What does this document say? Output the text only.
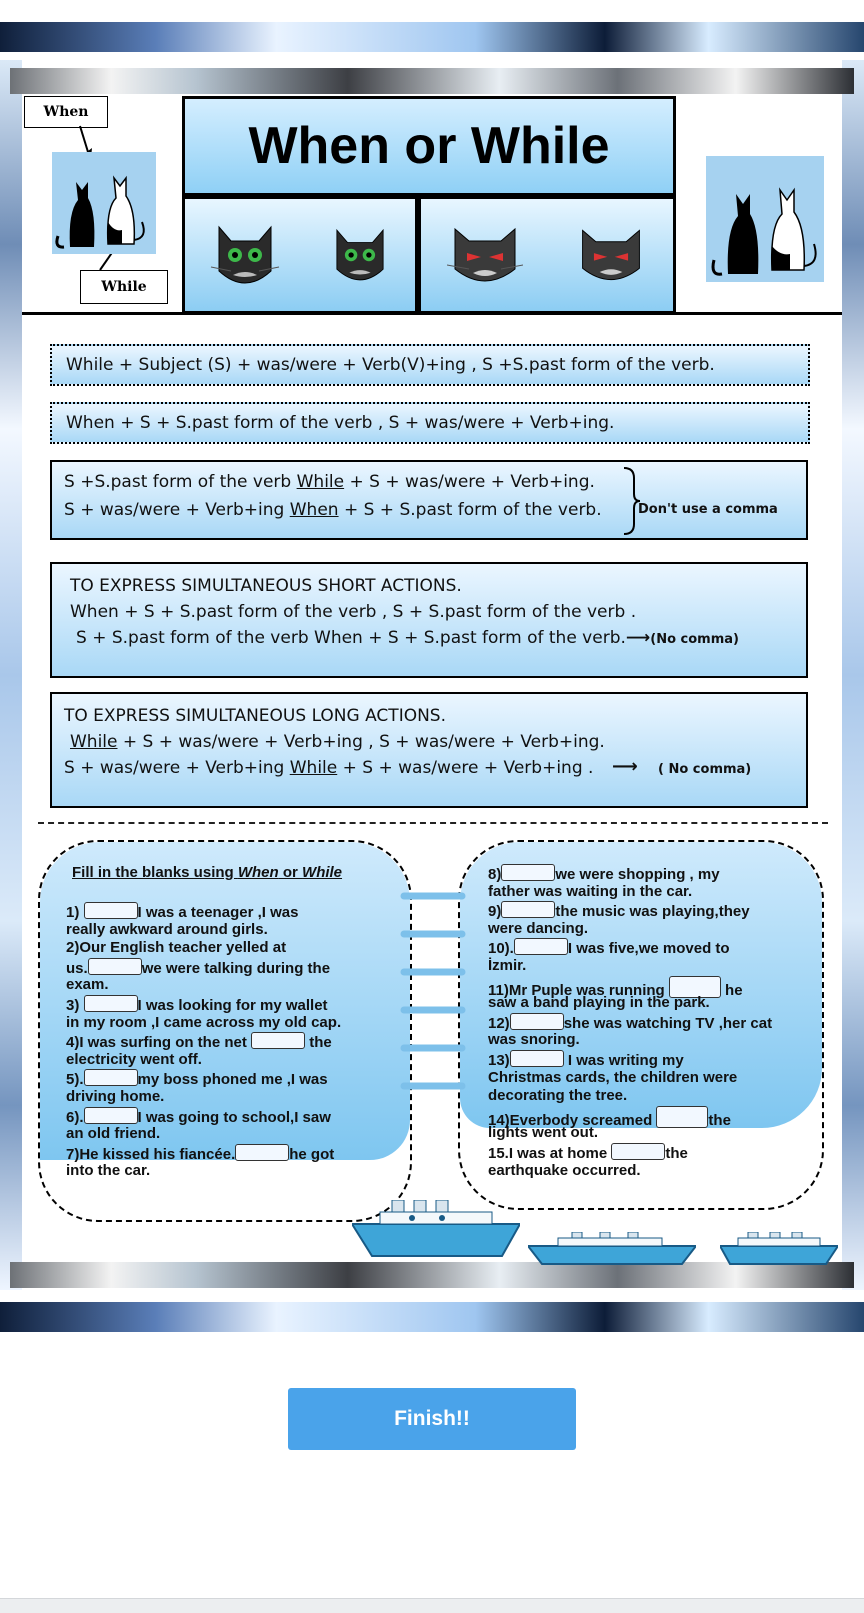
When
While
When or While
While + Subject (S) + was/were + Verb(V)+ing , S +S.past form of the verb.
When + S + S.past form of the verb , S + was/were + Verb+ing.
S +S.past form of the verb While + S + was/were + Verb+ing.
S + was/were + Verb+ing When + S + S.past form of the verb.	Don't use a comma
TO EXPRESS SIMULTANEOUS SHORT ACTIONS.
When + S + S.past form of the verb , S + S.past form of the verb .
S + S.past form of the verb When + S + S.past form of the verb.⟶(No comma)
TO EXPRESS SIMULTANEOUS LONG ACTIONS.
While + S + was/were + Verb+ing , S + was/were + Verb+ing.
S + was/were + Verb+ing While + S + was/were + Verb+ing . ⟶ ( No comma)
Fill in the blanks using When or While
1)	I was a teenager ,I was
really awkward around girls.
2)Our English teacher yelled at
us.	we were talking during the
exam.
3)	I was looking for my wallet
in my room ,I came across my old cap.
4)I was surfing on the net	the
electricity went off.
5).	my boss phoned me ,I was
driving home.
6).	I was going to school,I saw
an old friend.
7)He kissed his fiancée.	he got
into the car.
8)	we were shopping , my
father was waiting in the car.
9)	the music was playing,they
were dancing.
10).	I was five,we moved to
İzmir.
11)Mr Puple was running	he
saw a band playing in the park.
12)	she was watching TV ,her cat
was snoring.
13)	I was writing my
Christmas cards, the children were
decorating the tree.
14)Everbody screamed	the
lights went out.
15.I was at home	the
earthquake occurred.
Finish!!
